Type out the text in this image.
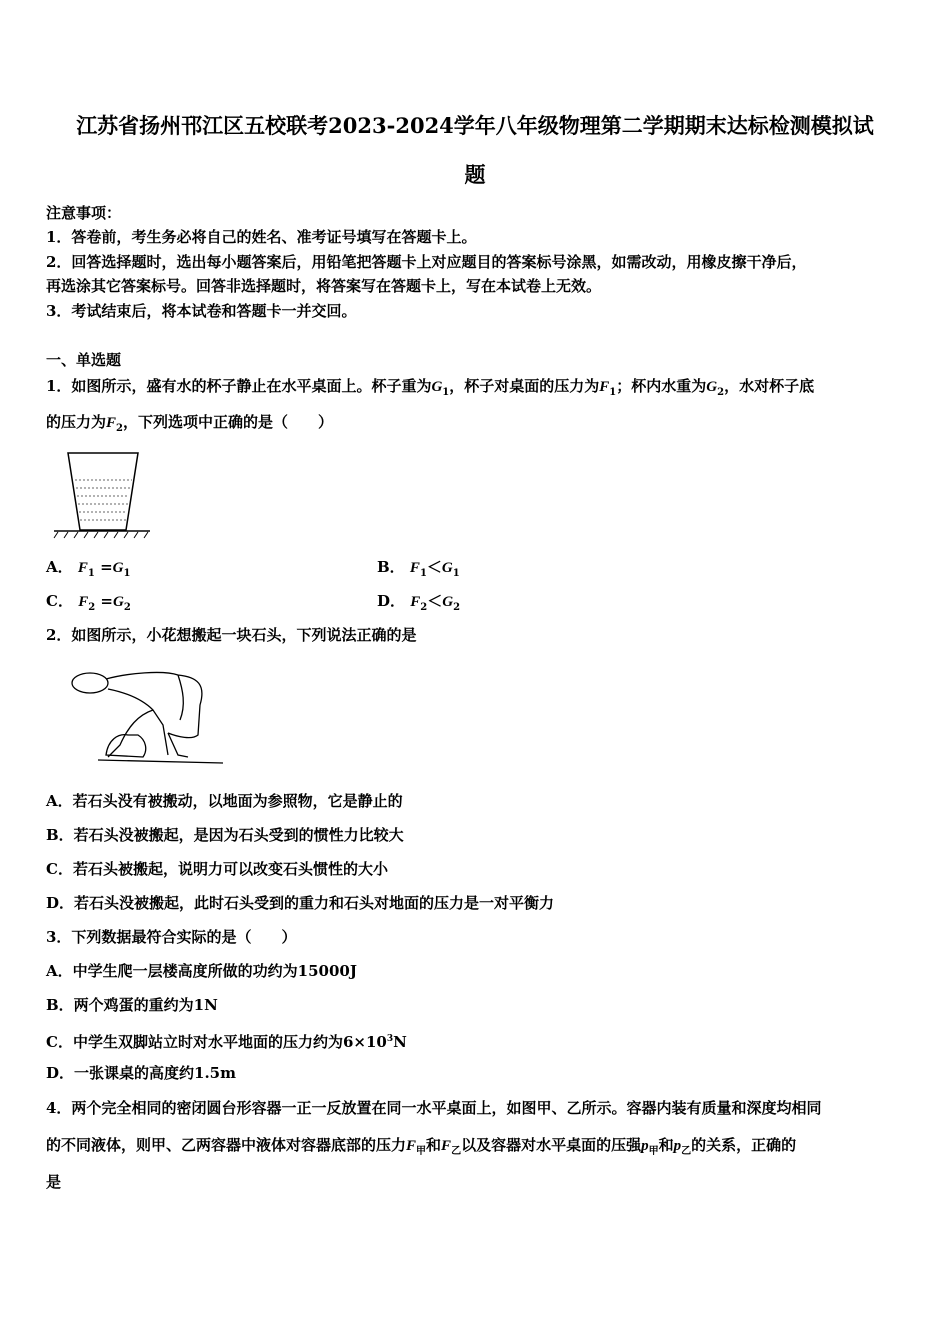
江苏省扬州邗江区五校联考2023-2024学年八年级物理第二学期期末达标检测模拟试
题
注意事项：
1．答卷前，考生务必将自己的姓名、准考证号填写在答题卡上。
2．回答选择题时，选出每小题答案后，用铅笔把答题卡上对应题目的答案标号涂黑，如需改动，用橡皮擦干净后，
再选涂其它答案标号。回答非选择题时，将答案写在答题卡上，写在本试卷上无效。
3．考试结束后，将本试卷和答题卡一并交回。
一、单选题
1．如图所示，盛有水的杯子静止在水平桌面上。杯子重为$G_1$，杯子对桌面的压力为$F_1$；杯内水重为$G_2$，水对杯子底
的压力为$F_2$，下列选项中正确的是（　　）
A． $F_1 =G_1$	B． $F_1<G_1$
C． $F_2 =G_2$	D． $F_2<G_2$
2．如图所示，小花想搬起一块石头，下列说法正确的是
A．若石头没有被搬动，以地面为参照物，它是静止的
B．若石头没被搬起，是因为石头受到的惯性力比较大
C．若石头被搬起，说明力可以改变石头惯性的大小
D．若石头没被搬起，此时石头受到的重力和石头对地面的压力是一对平衡力
3．下列数据最符合实际的是（　　）
A．中学生爬一层楼高度所做的功约为15000J
B．两个鸡蛋的重约为1N
C．中学生双脚站立时对水平地面的压力约为$6\times 10^3N$
D．一张课桌的高度约1.5m
4．两个完全相同的密闭圆台形容器一正一反放置在同一水平桌面上，如图甲、乙所示。容器内装有质量和深度均相同
的不同液体，则甲、乙两容器中液体对容器底部的压力$F_甲$和$F_乙$以及容器对水平桌面的压强$p_甲$和$p_乙$的关系，正确的
是
